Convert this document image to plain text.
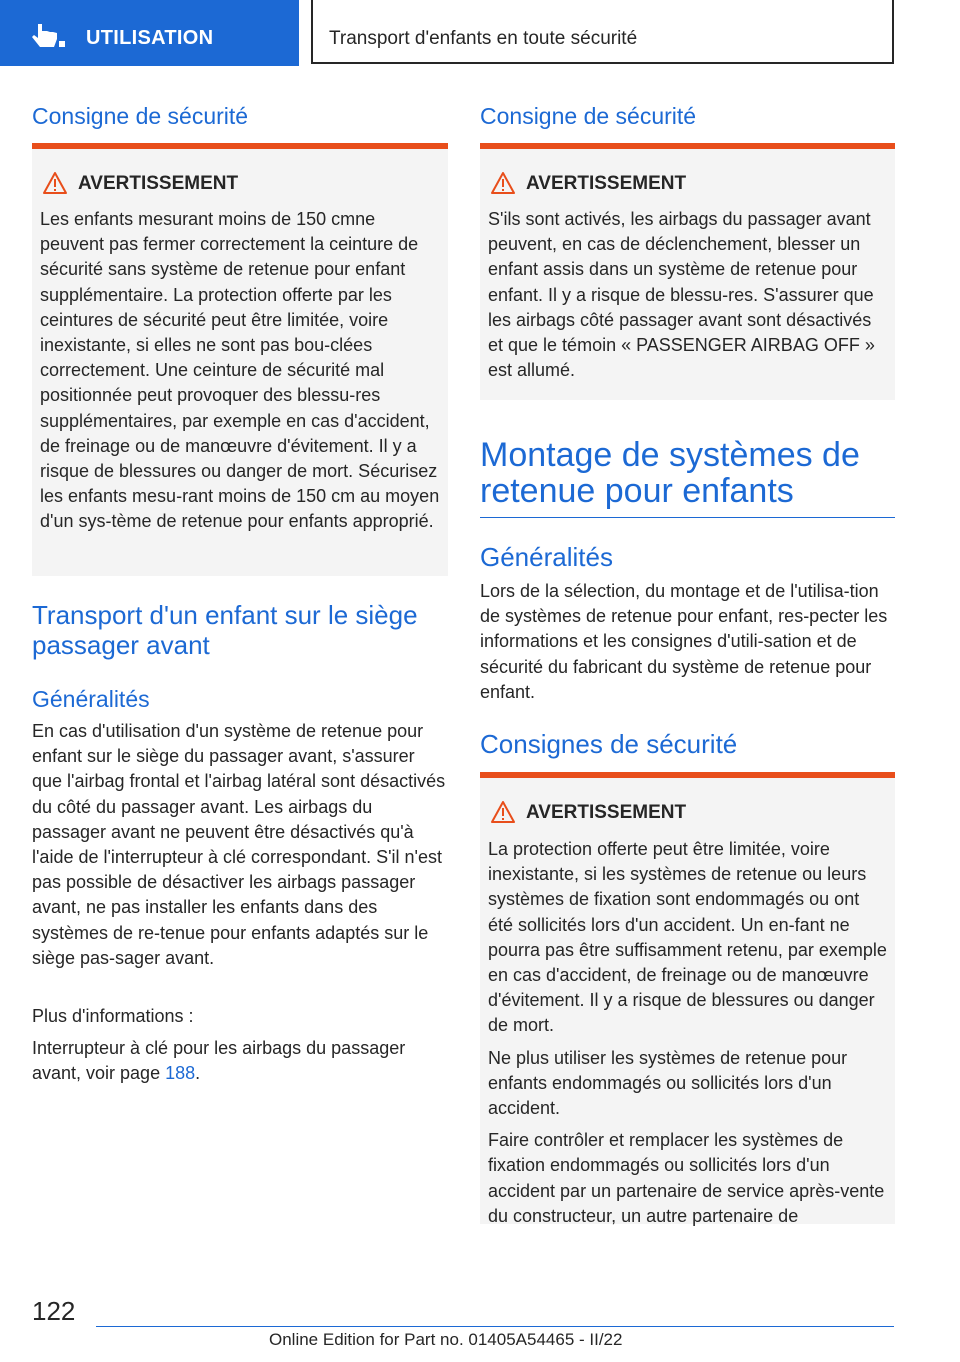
UTILISATION	Transport d'enfants en toute sécurité
Consigne de sécurité
AVERTISSEMENT

Les enfants mesurant moins de 150 cmne peuvent pas fermer correctement la ceinture de sécurité sans système de retenue pour enfant supplémentaire. La protection offerte par les ceintures de sécurité peut être limitée, voire inexistante, si elles ne sont pas bou-clées correctement. Une ceinture de sécurité mal positionnée peut provoquer des blessu-res supplémentaires, par exemple en cas d'accident, de freinage ou de manœuvre d'évitement. Il y a risque de blessures ou danger de mort. Sécurisez les enfants mesu-rant moins de 150 cm au moyen d'un sys-tème de retenue pour enfants approprié.

Transport d'un enfant sur le siège passager avant
Généralités

En cas d'utilisation d'un système de retenue pour enfant sur le siège du passager avant, s'assurer que l'airbag frontal et l'airbag latéral sont désactivés du côté du passager avant. Les airbags du passager avant ne peuvent être désactivés qu'à l'aide de l'interrupteur à clé correspondant. S'il n'est pas possible de désactiver les airbags passager avant, ne pas installer les enfants dans des systèmes de re-tenue pour enfants adaptés sur le siège pas-sager avant.

Plus d'informations :

Interrupteur à clé pour les airbags du passager avant, voir page 188.

Consigne de sécurité
AVERTISSEMENT

S'ils sont activés, les airbags du passager avant peuvent, en cas de déclenchement, blesser un enfant assis dans un système de retenue pour enfant. Il y a risque de blessu-res. S'assurer que les airbags côté passager avant sont désactivés et que le témoin « PASSENGER AIRBAG OFF » est allumé.

Montage de systèmes de retenue pour enfants
Généralités

Lors de la sélection, du montage et de l'utilisa-tion de systèmes de retenue pour enfant, res-pecter les informations et les consignes d'utili-sation et de sécurité du fabricant du système de retenue pour enfant.

Consignes de sécurité
AVERTISSEMENT

La protection offerte peut être limitée, voire inexistante, si les systèmes de retenue ou leurs systèmes de fixation sont endommagés ou ont été sollicités lors d'un accident. Un en-fant ne pourra pas être suffisamment retenu, par exemple en cas d'accident, de freinage ou de manœuvre d'évitement. Il y a risque de blessures ou danger de mort.

Ne plus utiliser les systèmes de retenue pour enfants endommagés ou sollicités lors d'un accident.

Faire contrôler et remplacer les systèmes de fixation endommagés ou sollicités lors d'un accident par un partenaire de service après-vente du constructeur, un autre partenaire de

122
Online Edition for Part no. 01405A54465 - II/22
